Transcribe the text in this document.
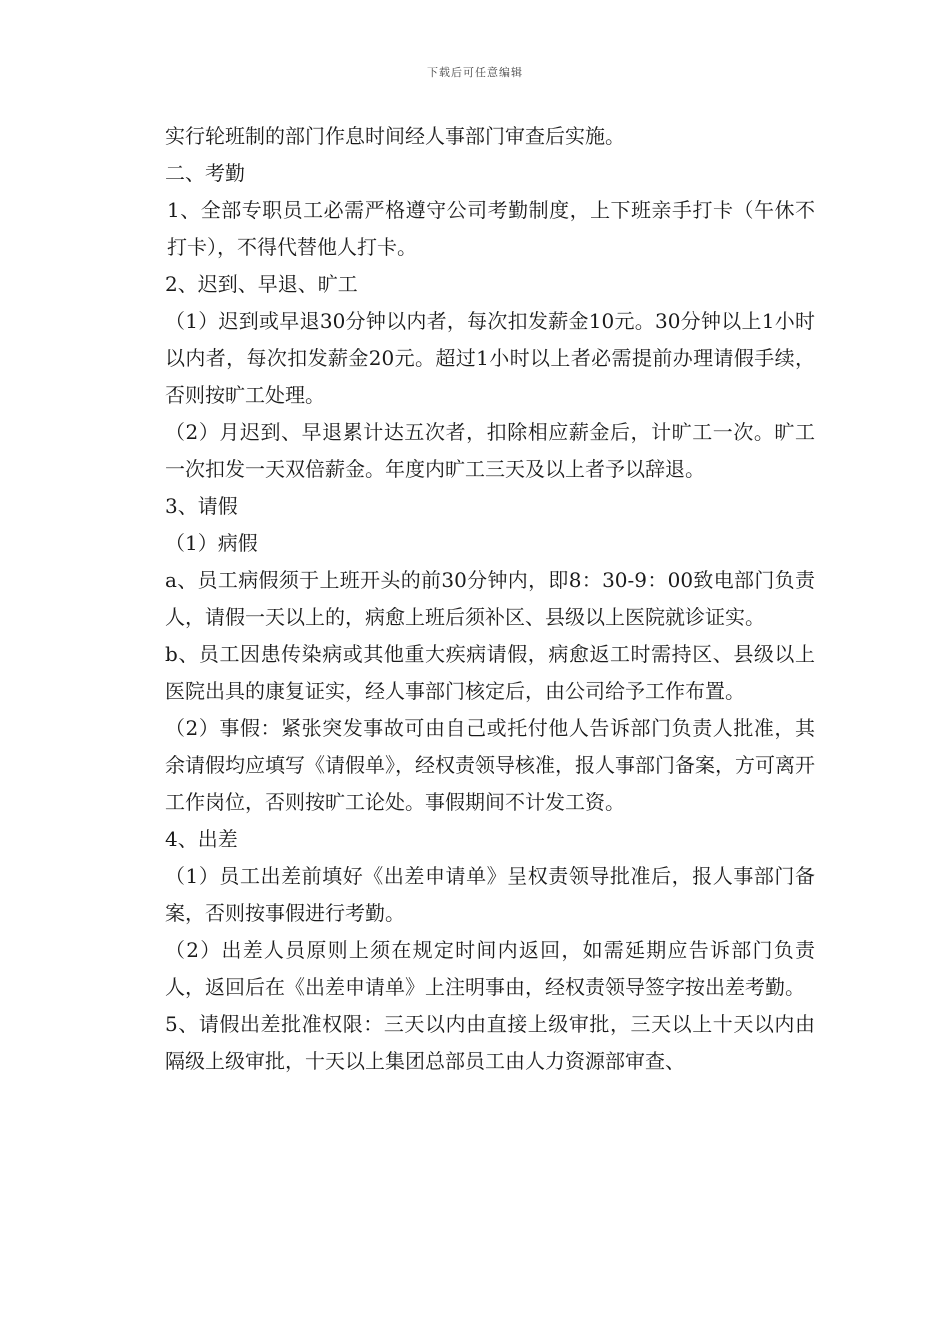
下载后可任意编辑

实行轮班制的部门作息时间经人事部门审查后实施。

二、考勤

1、全部专职员工必需严格遵守公司考勤制度，上下班亲手打卡（午休不打卡），不得代替他人打卡。

2、迟到、早退、旷工

（1）迟到或早退30分钟以内者，每次扣发薪金10元。30分钟以上1小时以内者，每次扣发薪金20元。超过1小时以上者必需提前办理请假手续，否则按旷工处理。

（2）月迟到、早退累计达五次者，扣除相应薪金后，计旷工一次。旷工一次扣发一天双倍薪金。年度内旷工三天及以上者予以辞退。

3、请假

（1）病假

a、员工病假须于上班开头的前30分钟内，即8：30-9：00致电部门负责人，请假一天以上的，病愈上班后须补区、县级以上医院就诊证实。

b、员工因患传染病或其他重大疾病请假，病愈返工时需持区、县级以上医院出具的康复证实，经人事部门核定后，由公司给予工作布置。

（2）事假：紧张突发事故可由自己或托付他人告诉部门负责人批准，其余请假均应填写《请假单》，经权责领导核准，报人事部门备案，方可离开工作岗位，否则按旷工论处。事假期间不计发工资。

4、出差

（1）员工出差前填好《出差申请单》呈权责领导批准后，报人事部门备案，否则按事假进行考勤。

（2）出差人员原则上须在规定时间内返回，如需延期应告诉部门负责人，返回后在《出差申请单》上注明事由，经权责领导签字按出差考勤。

5、请假出差批准权限：三天以内由直接上级审批，三天以上十天以内由隔级上级审批，十天以上集团总部员工由人力资源部审查、
